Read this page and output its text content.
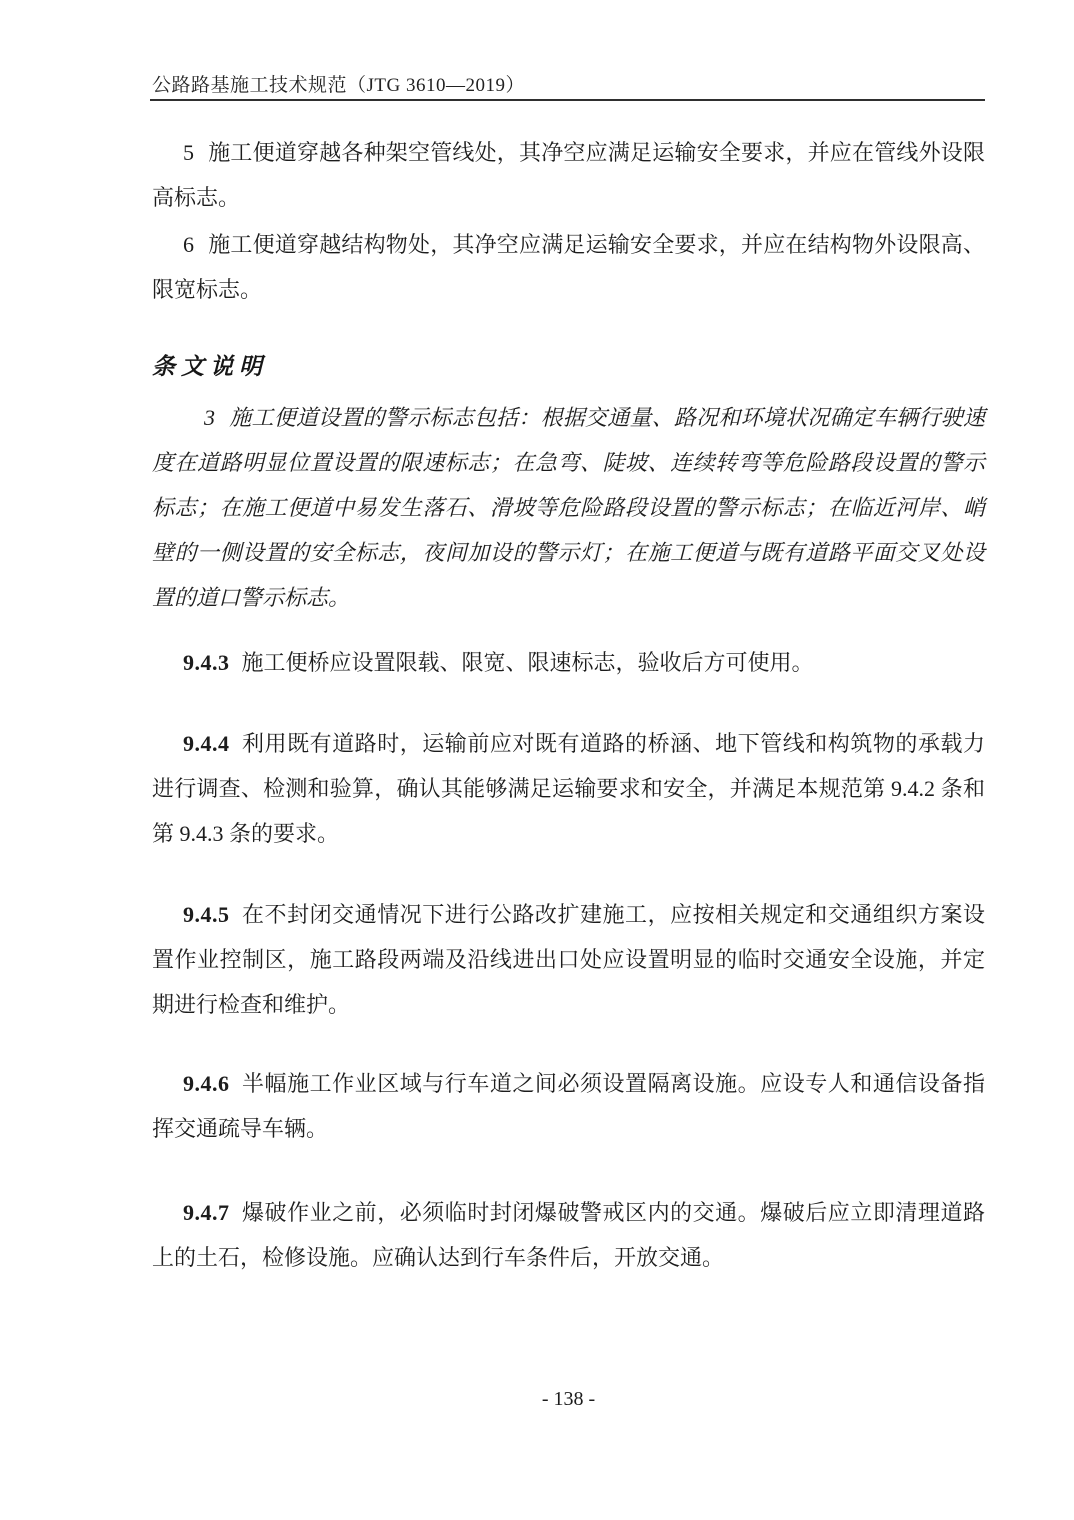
公路路基施工技术规范（JTG 3610—2019）

5 施工便道穿越各种架空管线处，其净空应满足运输安全要求，并应在管线外设限高标志。

6 施工便道穿越结构物处，其净空应满足运输安全要求，并应在结构物外设限高、限宽标志。

条文说明

3 施工便道设置的警示标志包括：根据交通量、路况和环境状况确定车辆行驶速度在道路明显位置设置的限速标志；在急弯、陡坡、连续转弯等危险路段设置的警示标志；在施工便道中易发生落石、滑坡等危险路段设置的警示标志；在临近河岸、峭壁的一侧设置的安全标志，夜间加设的警示灯；在施工便道与既有道路平面交叉处设置的道口警示标志。

9.4.3 施工便桥应设置限载、限宽、限速标志，验收后方可使用。

9.4.4 利用既有道路时，运输前应对既有道路的桥涵、地下管线和构筑物的承载力进行调查、检测和验算，确认其能够满足运输要求和安全，并满足本规范第 9.4.2 条和第 9.4.3 条的要求。

9.4.5 在不封闭交通情况下进行公路改扩建施工，应按相关规定和交通组织方案设置作业控制区，施工路段两端及沿线进出口处应设置明显的临时交通安全设施，并定期进行检查和维护。

9.4.6 半幅施工作业区域与行车道之间必须设置隔离设施。应设专人和通信设备指挥交通疏导车辆。

9.4.7 爆破作业之前，必须临时封闭爆破警戒区内的交通。爆破后应立即清理道路上的土石，检修设施。应确认达到行车条件后，开放交通。

- 138 -
